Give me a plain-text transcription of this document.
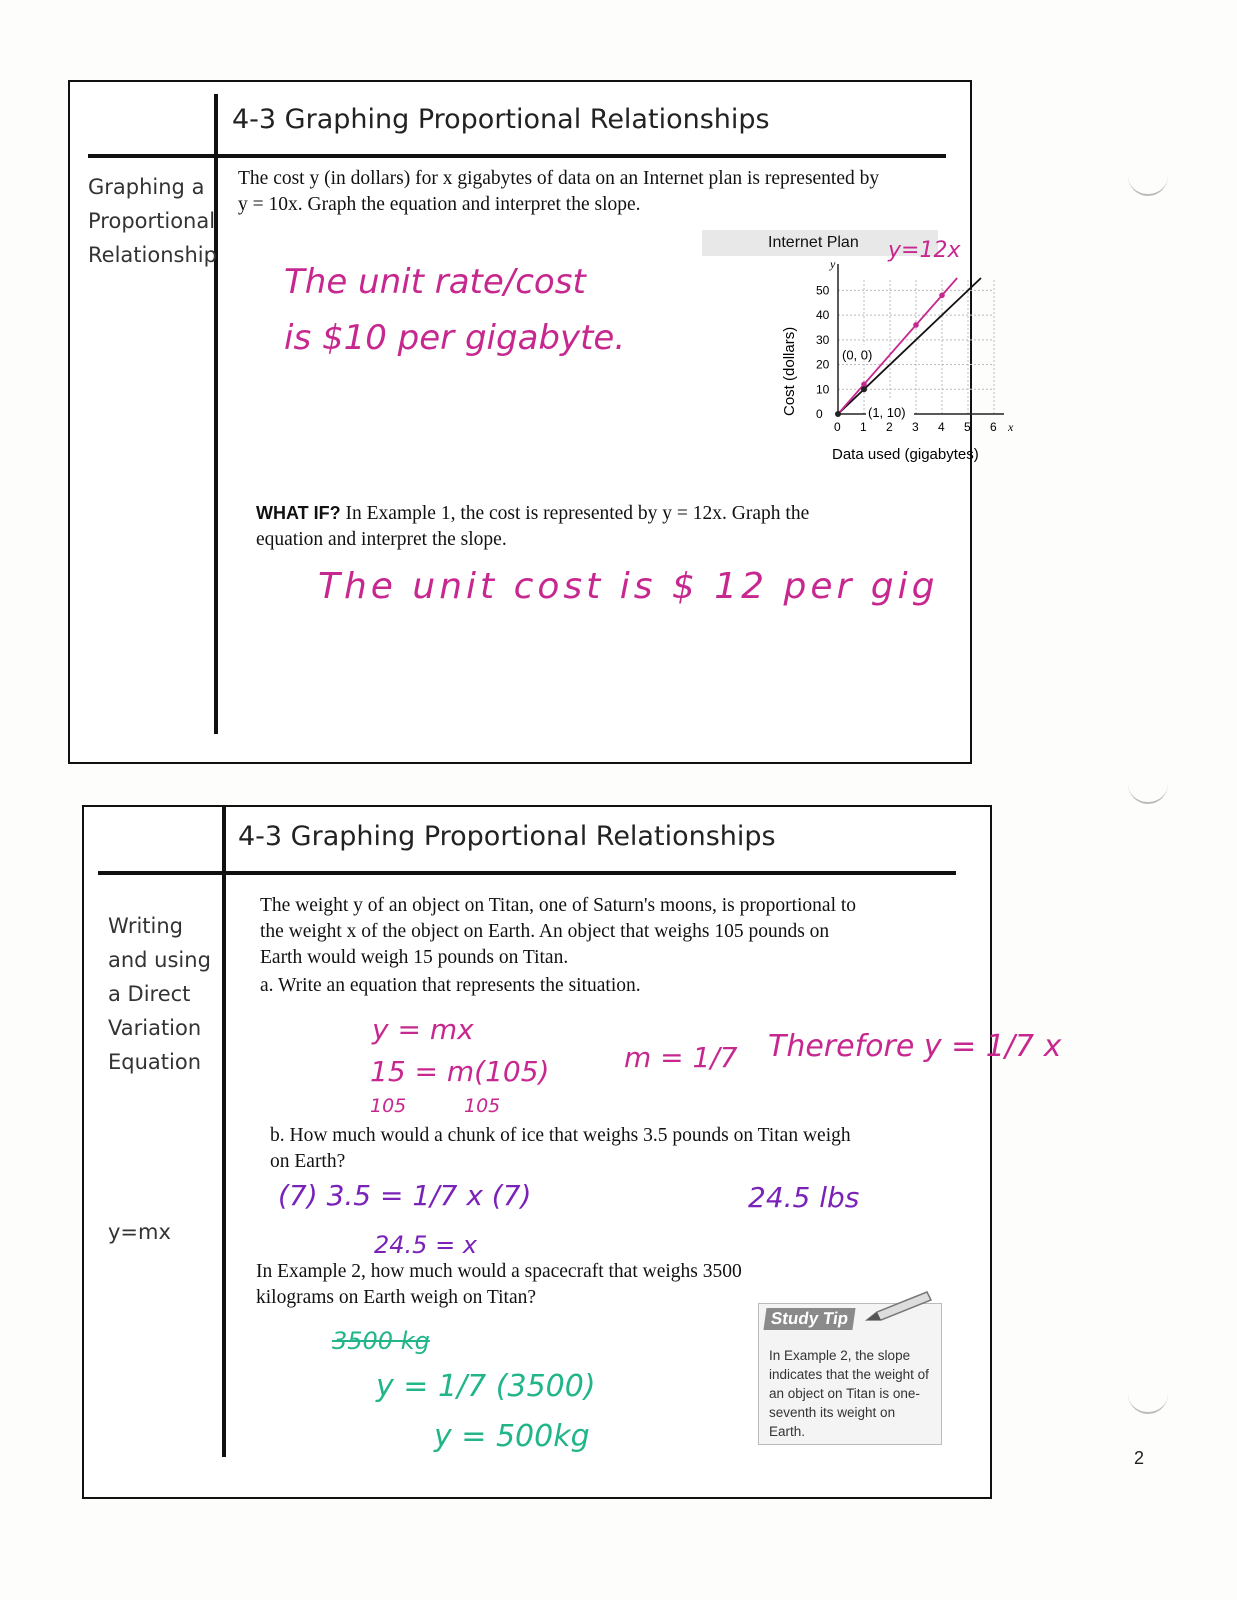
4-3 Graphing Proportional Relationships
Graphing a
Proportional
Relationship
The cost y (in dollars) for x gigabytes of data on an Internet plan is represented by y = 10x. Graph the equation and interpret the slope.
The unit rate/cost
is $10 per gigabyte.
Internet Plan
x
y
0 1 2 3 4 5 6
0
10
20
30
40
50
Data used (gigabytes)
Cost (dollars)	(0, 0)
(1, 10)
y=12x
WHAT IF? In Example 1, the cost is represented by y = 12x. Graph the equation and interpret the slope.
The unit cost is $ 12 per gig
4-3 Graphing Proportional Relationships
Writing
and using
a Direct
Variation
Equation
y=mx
The weight y of an object on Titan, one of Saturn's moons, is proportional to the weight x of the object on Earth. An object that weighs 105 pounds on Earth would weigh 15 pounds on Titan.
a. Write an equation that represents the situation.
y = mx
15 = m(105)
105	105
m = 1/7 Therefore y = 1/7 x
b. How much would a chunk of ice that weighs 3.5 pounds on Titan weigh on Earth?
(7) 3.5 = 1/7 x (7)	24.5 lbs
24.5 = x
In Example 2, how much would a spacecraft that weighs 3500 kilograms on Earth weigh on Titan?
3500 kg
y = 1/7 (3500)
y = 500kg
Study Tip
In Example 2, the slope indicates that the weight of an object on Titan is one-seventh its weight on Earth.
2
